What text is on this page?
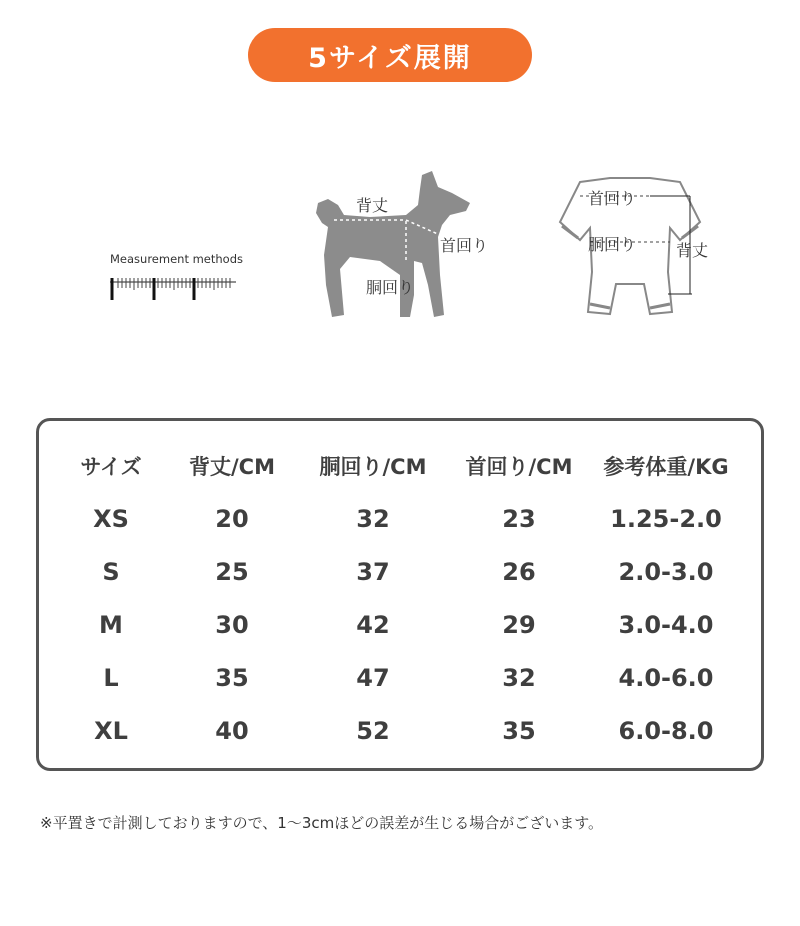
5サイズ展開
Measurement methods
背丈
首回り
胴回り
首回り
胴回り 背丈
サイズ 背丈/CM 胴回り/CM 首回り/CM 参考体重/KG
XS	20	32	23	1.25-2.0
S	25	37	26	2.0-3.0
M	30	42	29	3.0-4.0
L	35	47	32	4.0-6.0
XL	40	52	35	6.0-8.0
※平置きで計測しておりますので、1〜3cmほどの誤差が生じる場合がございます。
